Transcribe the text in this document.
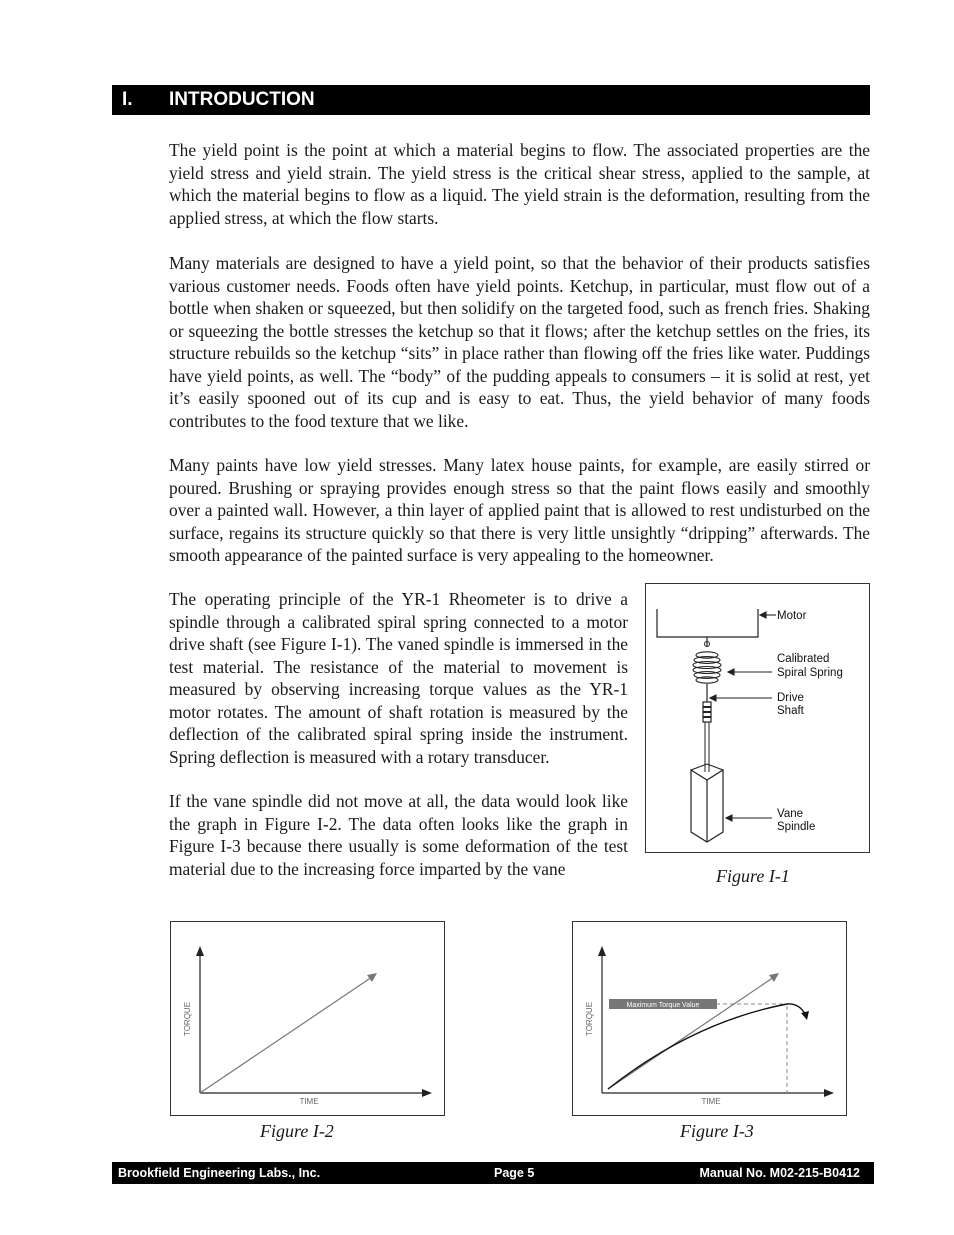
I. INTRODUCTION

The yield point is the point at which a material begins to flow. The associated properties are the yield stress and yield strain. The yield stress is the critical shear stress, applied to the sample, at which the material begins to flow as a liquid. The yield strain is the deformation, resulting from the applied stress, at which the flow starts.

Many materials are designed to have a yield point, so that the behavior of their products satisfies various customer needs. Foods often have yield points. Ketchup, in particular, must flow out of a bottle when shaken or squeezed, but then solidify on the targeted food, such as french fries. Shaking or squeezing the bottle stresses the ketchup so that it flows; after the ketchup settles on the fries, its structure rebuilds so the ketchup “sits” in place rather than flowing off the fries like water. Puddings have yield points, as well. The “body” of the pudding appeals to consumers – it is solid at rest, yet it’s easily spooned out of its cup and is easy to eat. Thus, the yield behavior of many foods contributes to the food texture that we like.

Many paints have low yield stresses. Many latex house paints, for example, are easily stirred or poured. Brushing or spraying provides enough stress so that the paint flows easily and smoothly over a painted wall. However, a thin layer of applied paint that is allowed to rest undisturbed on the surface, regains its structure quickly so that there is very little unsightly “dripping” afterwards. The smooth appearance of the painted surface is very appealing to the homeowner.

The operating principle of the YR-1 Rheometer is to drive a spindle through a calibrated spiral spring connected to a motor drive shaft (see Figure I-1). The vaned spindle is immersed in the test material. The resistance of the material to movement is measured by observing increasing torque values as the YR-1 motor rotates. The amount of shaft rotation is measured by the deflection of the calibrated spiral spring inside the instrument. Spring deflection is measured with a rotary transducer.

If the vane spindle did not move at all, the data would look like the graph in Figure I-2. The data often looks like the graph in Figure I-3 because there usually is some deformation of the test material due to the increasing force imparted by the vane

Motor
Calibrated
Spiral Spring
Drive
Shaft
Vane
Spindle
Figure I-1
TIME
TORQUE
Figure I-2
Maximum Torque Value
TIME
TORQUE
Figure I-3
Brookfield Engineering Labs., Inc.	Page 5	Manual No. M02-215-B0412
